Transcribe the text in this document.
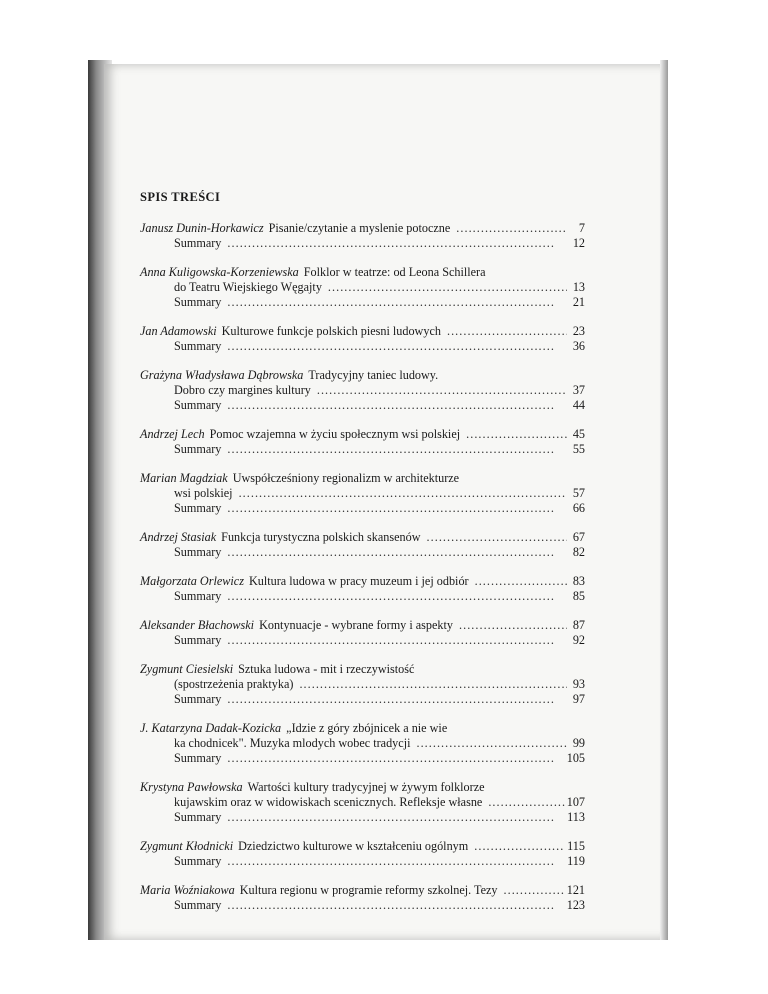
SPIS TREŚCI
Janusz Dunin-Horkawicz Pisanie/czytanie a myslenie potoczne . . .	7
Summary . . .	12
Anna Kuligowska-Korzeniewska Folklor w teatrze: od Leona Schillera
do Teatru Wiejskiego Węgajty . . .	13
Summary . . .	21
Jan Adamowski Kulturowe funkcje polskich piesni ludowych . . .	23
Summary . . .	36
Grażyna Władysława Dąbrowska Tradycyjny taniec ludowy.
Dobro czy margines kultury . . .	37
Summary . . .	44
Andrzej Lech Pomoc wzajemna w życiu społecznym wsi polskiej . . .	45
Summary . . .	55
Marian Magdziak Uwspółcześniony regionalizm w architekturze
wsi polskiej . . .	57
Summary . . .	66
Andrzej Stasiak Funkcja turystyczna polskich skansenów . . .	67
Summary . . .	82
Małgorzata Orlewicz Kultura ludowa w pracy muzeum i jej odbiór . . .	83
Summary . . .	85
Aleksander Błachowski Kontynuacje - wybrane formy i aspekty . . .	87
Summary . . .	92
Zygmunt Ciesielski Sztuka ludowa - mit i rzeczywistość
(spostrzeżenia praktyka) . . .	93
Summary . . .	97
J. Katarzyna Dadak-Kozicka „Idzie z góry zbójnicek a nie wie
ka chodnicek". Muzyka mlodych wobec tradycji . . .	99
Summary . . .	105
Krystyna Pawłowska Wartości kultury tradycyjnej w żywym folklorze
kujawskim oraz w widowiskach scenicznych. Refleksje własne . . .	107
Summary . . .	113
Zygmunt Kłodnicki Dziedzictwo kulturowe w kształceniu ogólnym . . .	115
Summary . . .	119
Maria Woźniakowa Kultura regionu w programie reformy szkolnej. Tezy . . .	121
Summary . . .	123
